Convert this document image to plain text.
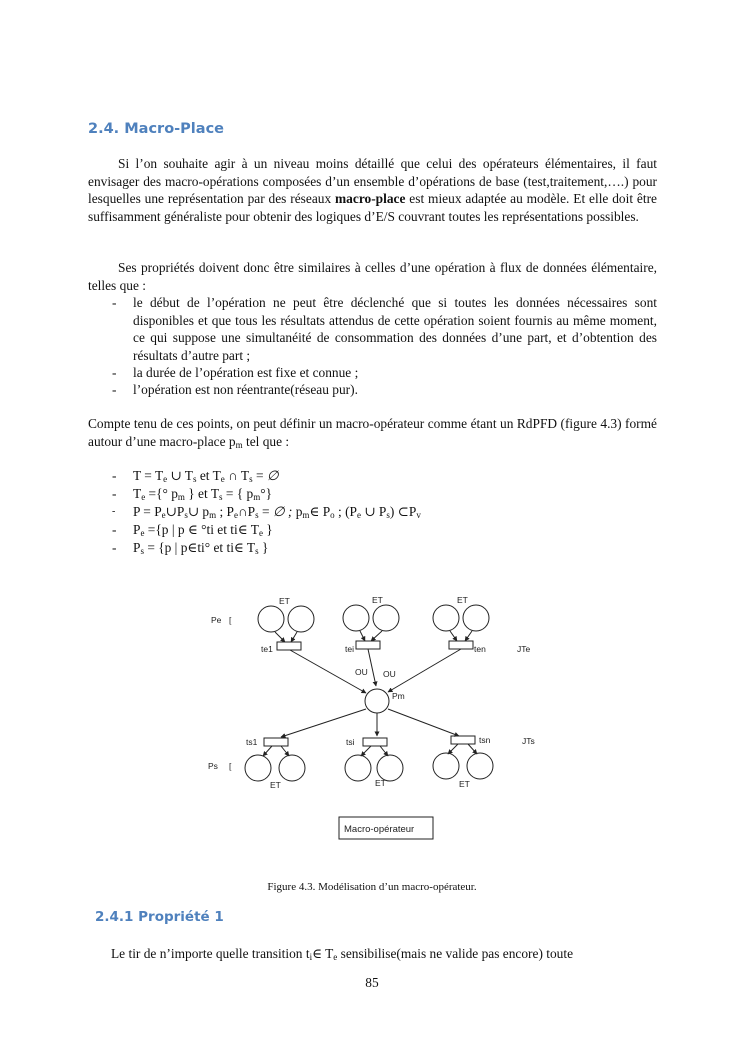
2.4. Macro-Place
Si l’on souhaite agir à un niveau moins détaillé que celui des opérateurs élémentaires, il faut envisager des macro-opérations composées d’un ensemble d’opérations de base (test,traitement,….) pour lesquelles une représentation par des réseaux macro-place est mieux adaptée au modèle. Et elle doit être suffisamment généraliste pour obtenir des logiques d’E/S couvrant toutes les représentations possibles.
Ses propriétés doivent donc être similaires à celles d’une opération à flux de données élémentaire, telles que :
- le début de l’opération ne peut être déclenché que si toutes les données nécessaires sont disponibles et que tous les résultats attendus de cette opération soient fournis au même moment, ce qui suppose une simultanéité de consommation des données d’une part, et d’obtention des résultats d’autre part ;
- la durée de l’opération est fixe et connue ;
- l’opération est non réentrante(réseau pur).
Compte tenu de ces points, on peut définir un macro-opérateur comme étant un RdPFD (figure 4.3) formé autour d’une macro-place $p_m$ tel que :
- $T = T_e$ ∪ $T_s$ et $T_e$ ∩ $T_s$ = ∅
- $T_e$ ={° $p_m$ } et $T_s$ = { $p_m^\circ$}
- $P = P_e\cup P_s\cup$ $p_m$ ; $P_e\cap P_s$ = ∅ ; $p_m\in$ $P_o$ ; ($P_e$ ∪ $P_s$) $\subset P_v$
- $P_e =\{p$ | p ∈ °ti et ti∈ $T_e$ }
- $P_s = \{p$ | p∈ti° et ti∈ $T_s$ }
ET	ET	ET
Pe [
te1	tei	ten	JTe
OU OU
Pm
ts1	tsi	tsn	JTs
Ps [
ET	ET	ET
Macro-opérateur
Figure 4.3. Modélisation d’un macro-opérateur.
2.4.1 Propriété 1
Le tir de n’importe quelle transition $t_i\in$ $T_e$ sensibilise(mais ne valide pas encore) toute
85
